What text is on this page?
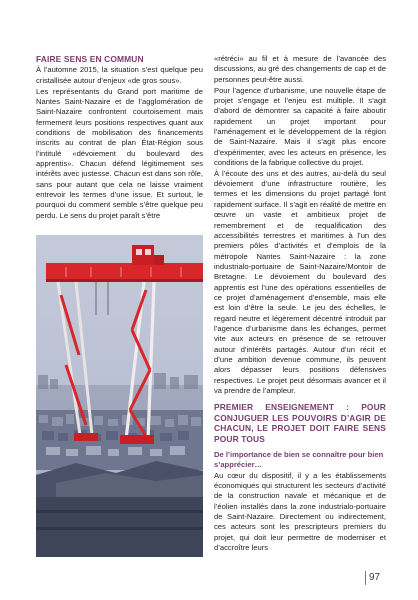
FAIRE SENS EN COMMUN

À l’automne 2015, la situation s’est quelque peu cristallisée autour d’enjeux «de gros sous».

Les représentants du Grand port maritime de Nantes Saint-Nazaire et de l’agglomération de Saint-Nazaire confrontent courtoisement mais fermement leurs positions respectives quant aux conditions de mobilisation des financements inscrits au contrat de plan État-Région sous l’intitulé «dévoiement du boulevard des apprentis». Chacun défend légitimement ses intérêts avec justesse. Chacun est dans son rôle, sans pour autant que cela ne laisse vraiment entrevoir les termes d’une issue. Et surtout, le pourquoi du comment semble s’être quelque peu perdu. Le sens du projet paraît s’être

«rétréci» au fil et à mesure de l’avancée des discussions, au gré des changements de cap et de personnes peut-être aussi.

Pour l’agence d’urbanisme, une nouvelle étape de projet s’engage et l’enjeu est multiple. Il s’agit d’abord de démontrer sa capacité à faire aboutir rapidement un projet important pour l’aménagement et le développement de la région de Saint-Nazaire. Mais il s’agit plus encore d’expérimenter, avec les acteurs en présence, les conditions de la fabrique collective du projet.

À l’écoute des uns et des autres, au-delà du seul dévoiement d’une infrastructure routière, les termes et les dimensions du projet partagé font rapidement surface. Il s’agit en réalité de mettre en œuvre un vaste et ambitieux projet de remembrement et de requalification des accessibilités terrestres et maritimes à l’un des premiers pôles d’activités et d’emplois de la métropole Nantes Saint-Nazaire : la zone industrialo-portuaire de Saint-Nazaire/Montoir de Bretagne. Le dévoiement du boulevard des apprentis est l’une des opérations essentielles de ce projet d’aménagement d’ensemble, mais elle est loin d’être la seule. Le jeu des échelles, le regard neutre et légèrement décentré introduit par l’agence d’urbanisme dans les échanges, permet vite aux acteurs en présence de se retrouver autour d’intérêts partagés. Autour d’un récit et d’une ambition devenue commune, ils peuvent alors dépasser leurs positions défensives respectives. Le projet peut désormais avancer et il va prendre de l’ampleur.

PREMIER ENSEIGNEMENT : POUR CONJUGUER LES POUVOIRS D’AGIR DE CHACUN, LE PROJET DOIT FAIRE SENS POUR TOUS
De l’importance de bien se connaître pour bien s’apprécier…

Au cœur du dispositif, il y a les établissements économiques qui structurent les secteurs d’activité de la construction navale et mécanique et de l’éolien installés dans la zone industrialo-portuaire de Saint-Nazaire. Directement ou indirectement, ces acteurs sont les prescripteurs premiers du projet, qui doit leur permettre de moderniser et d’accroître leurs

97
